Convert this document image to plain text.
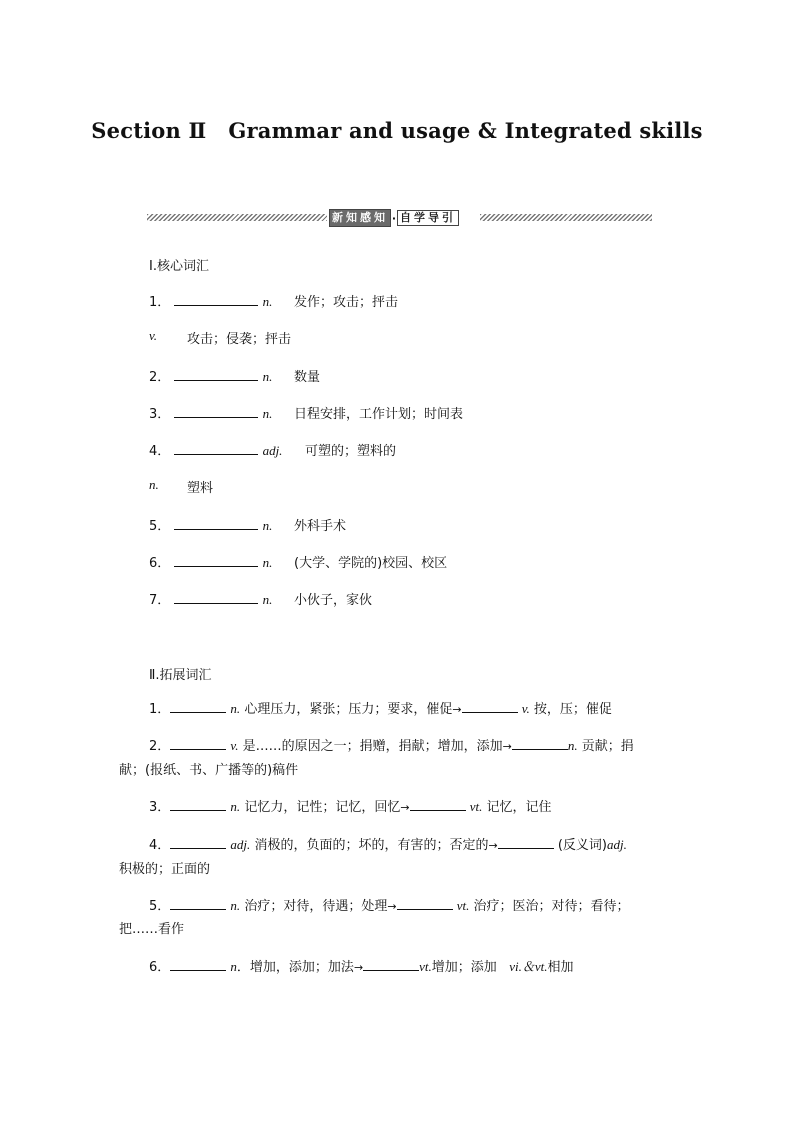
Section Ⅱ Grammar and usage & Integrated skills
新知感知 · 自学导引
Ⅰ.核心词汇
1．	n. 发作；攻击；抨击
v. 攻击；侵袭；抨击
2．	n. 数量
3．	n. 日程安排，工作计划；时间表
4．	adj. 可塑的；塑料的
n. 塑料
5．	n. 外科手术
6．	n. (大学、学院的)校园、校区
7．	n. 小伙子，家伙
Ⅱ.拓展词汇
1．	n. 心理压力，紧张；压力；要求，催促→	v. 按，压；催促
2．	v. 是……的原因之一；捐赠，捐献；增加，添加→	n. 贡献；捐
献；(报纸、书、广播等的)稿件
3．	n. 记忆力，记性；记忆，回忆→	vt. 记忆，记住
4．	adj. 消极的，负面的；坏的，有害的；否定的→	(反义词)adj.
积极的；正面的
5．	n. 治疗；对待，待遇；处理→	vt. 治疗；医治；对待；看待；
把……看作
6．	n．增加，添加；加法→	vt.增加；添加 vi.＆vt.相加
